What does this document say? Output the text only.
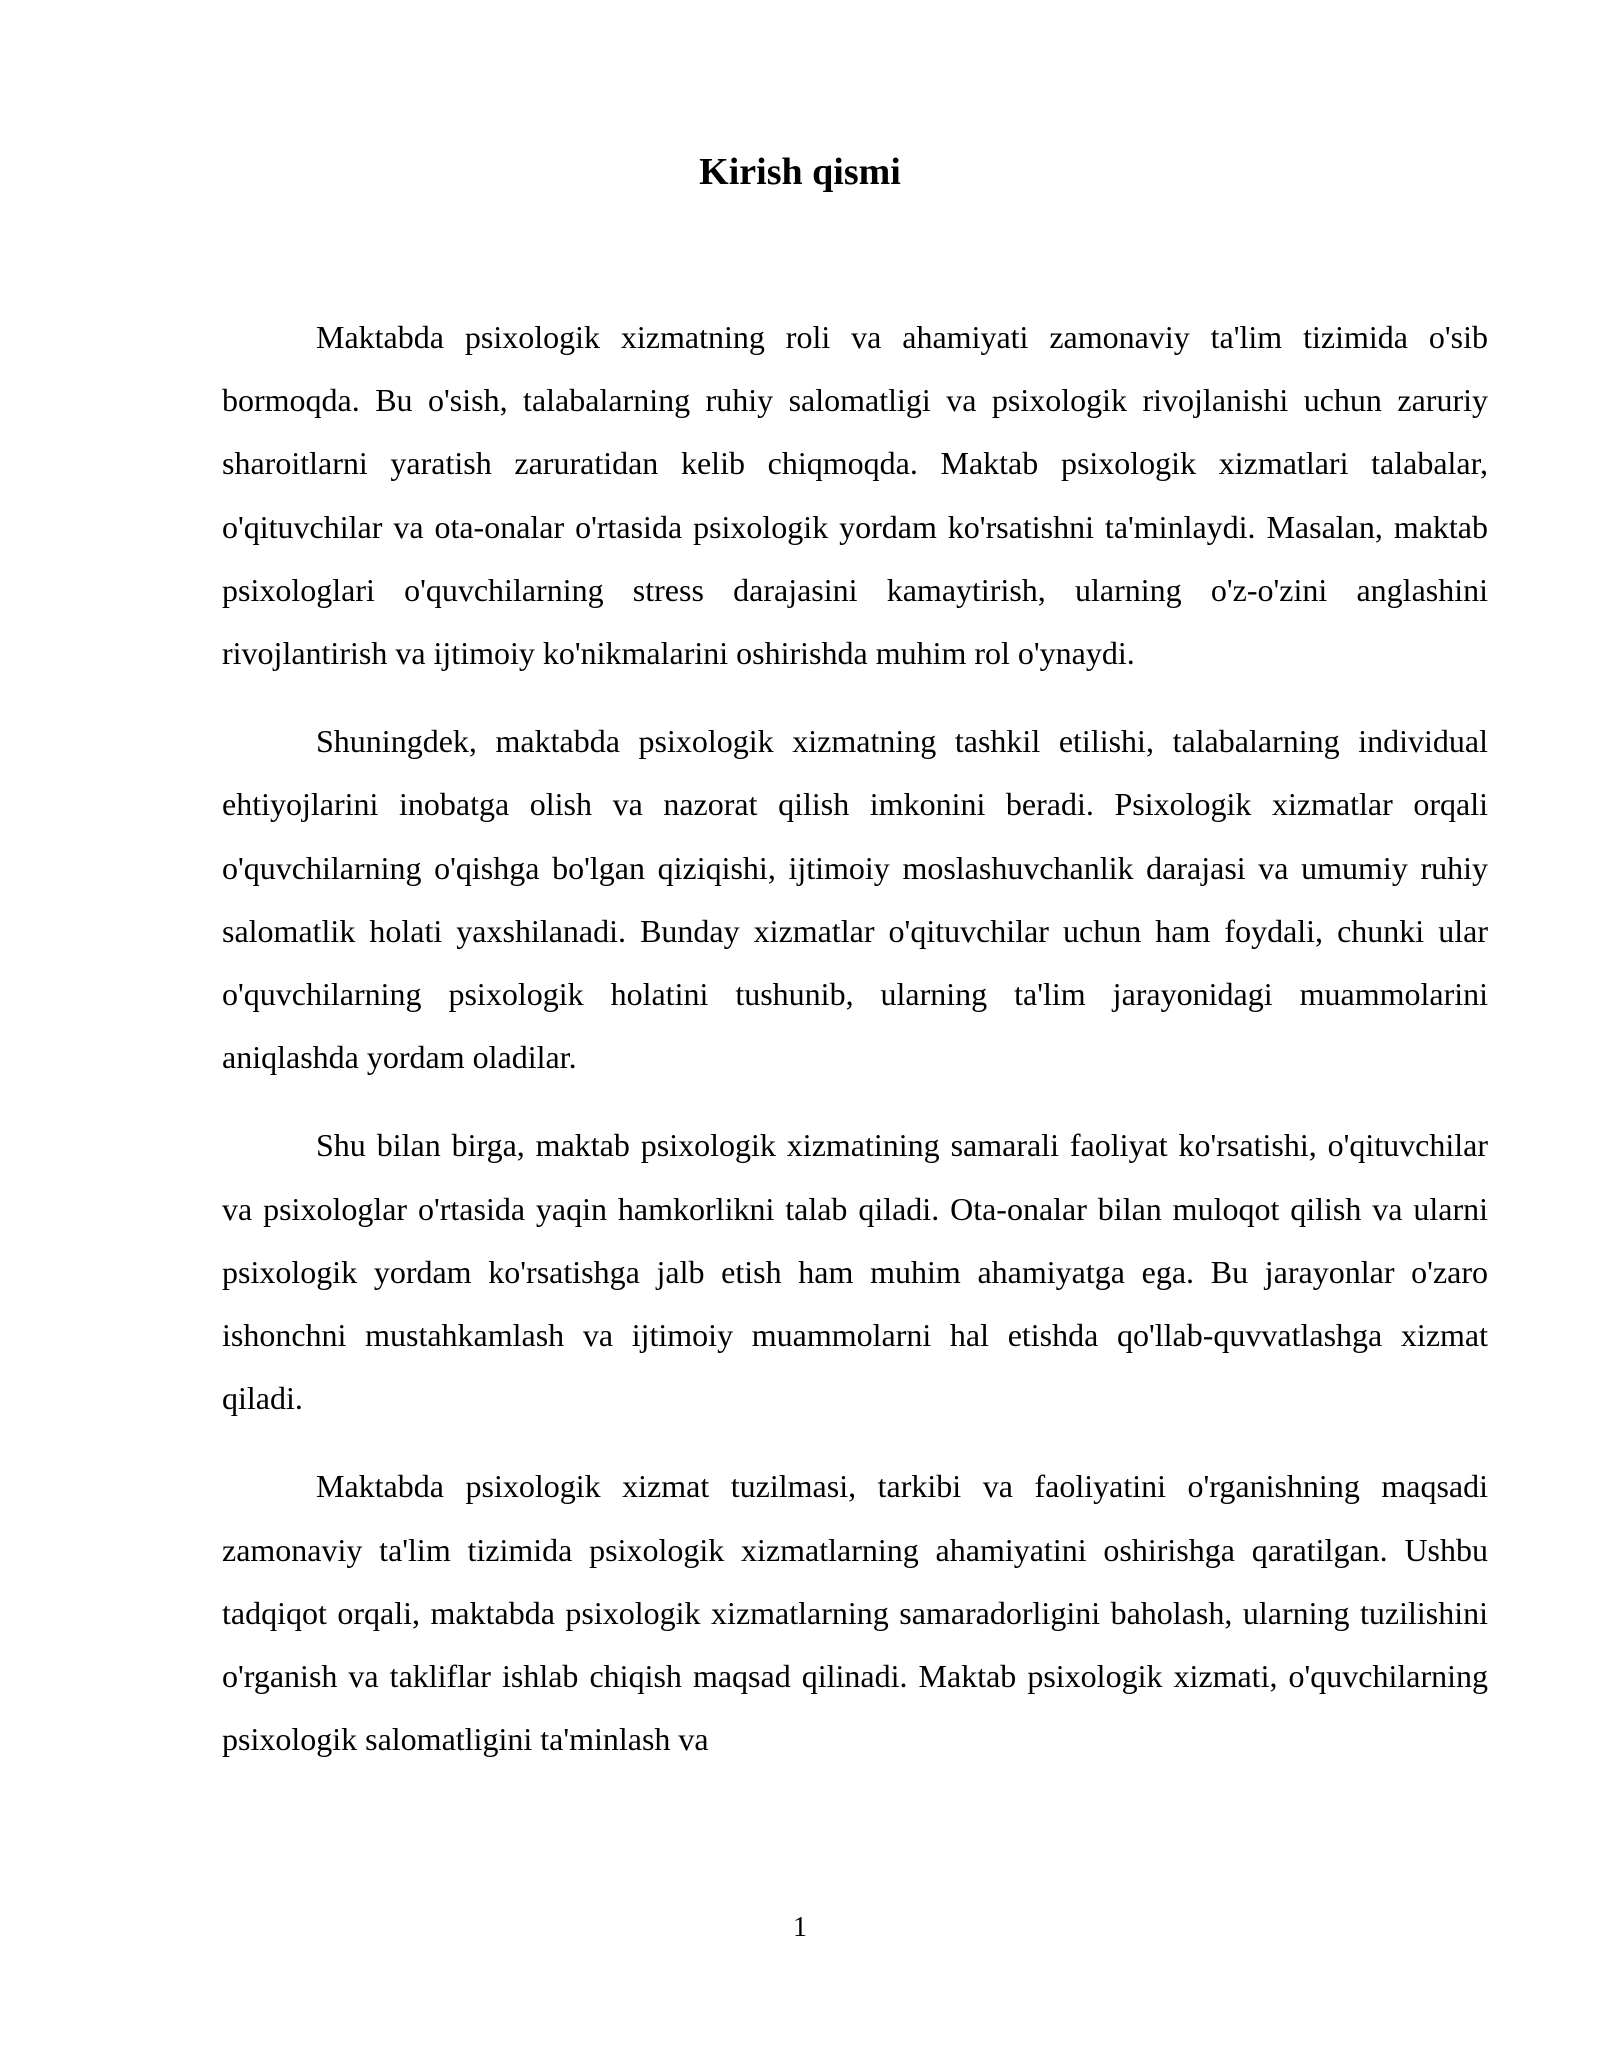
Kirish qismi

Maktabda psixologik xizmatning roli va ahamiyati zamonaviy ta'lim tizimida o'sib bormoqda. Bu o'sish, talabalarning ruhiy salomatligi va psixologik rivojlanishi uchun zaruriy sharoitlarni yaratish zaruratidan kelib chiqmoqda. Maktab psixologik xizmatlari talabalar, o'qituvchilar va ota-onalar o'rtasida psixologik yordam ko'rsatishni ta'minlaydi. Masalan, maktab psixologlari o'quvchilarning stress darajasini kamaytirish, ularning o'z-o'zini anglashini rivojlantirish va ijtimoiy ko'nikmalarini oshirishda muhim rol o'ynaydi.

Shuningdek, maktabda psixologik xizmatning tashkil etilishi, talabalarning individual ehtiyojlarini inobatga olish va nazorat qilish imkonini beradi. Psixologik xizmatlar orqali o'quvchilarning o'qishga bo'lgan qiziqishi, ijtimoiy moslashuvchanlik darajasi va umumiy ruhiy salomatlik holati yaxshilanadi. Bunday xizmatlar o'qituvchilar uchun ham foydali, chunki ular o'quvchilarning psixologik holatini tushunib, ularning ta'lim jarayonidagi muammolarini aniqlashda yordam oladilar.

Shu bilan birga, maktab psixologik xizmatining samarali faoliyat ko'rsatishi, o'qituvchilar va psixologlar o'rtasida yaqin hamkorlikni talab qiladi. Ota-onalar bilan muloqot qilish va ularni psixologik yordam ko'rsatishga jalb etish ham muhim ahamiyatga ega. Bu jarayonlar o'zaro ishonchni mustahkamlash va ijtimoiy muammolarni hal etishda qo'llab-quvvatlashga xizmat qiladi.

Maktabda psixologik xizmat tuzilmasi, tarkibi va faoliyatini o'rganishning maqsadi zamonaviy ta'lim tizimida psixologik xizmatlarning ahamiyatini oshirishga qaratilgan. Ushbu tadqiqot orqali, maktabda psixologik xizmatlarning samaradorligini baholash, ularning tuzilishini o'rganish va takliflar ishlab chiqish maqsad qilinadi. Maktab psixologik xizmati, o'quvchilarning psixologik salomatligini ta'minlash va

1
